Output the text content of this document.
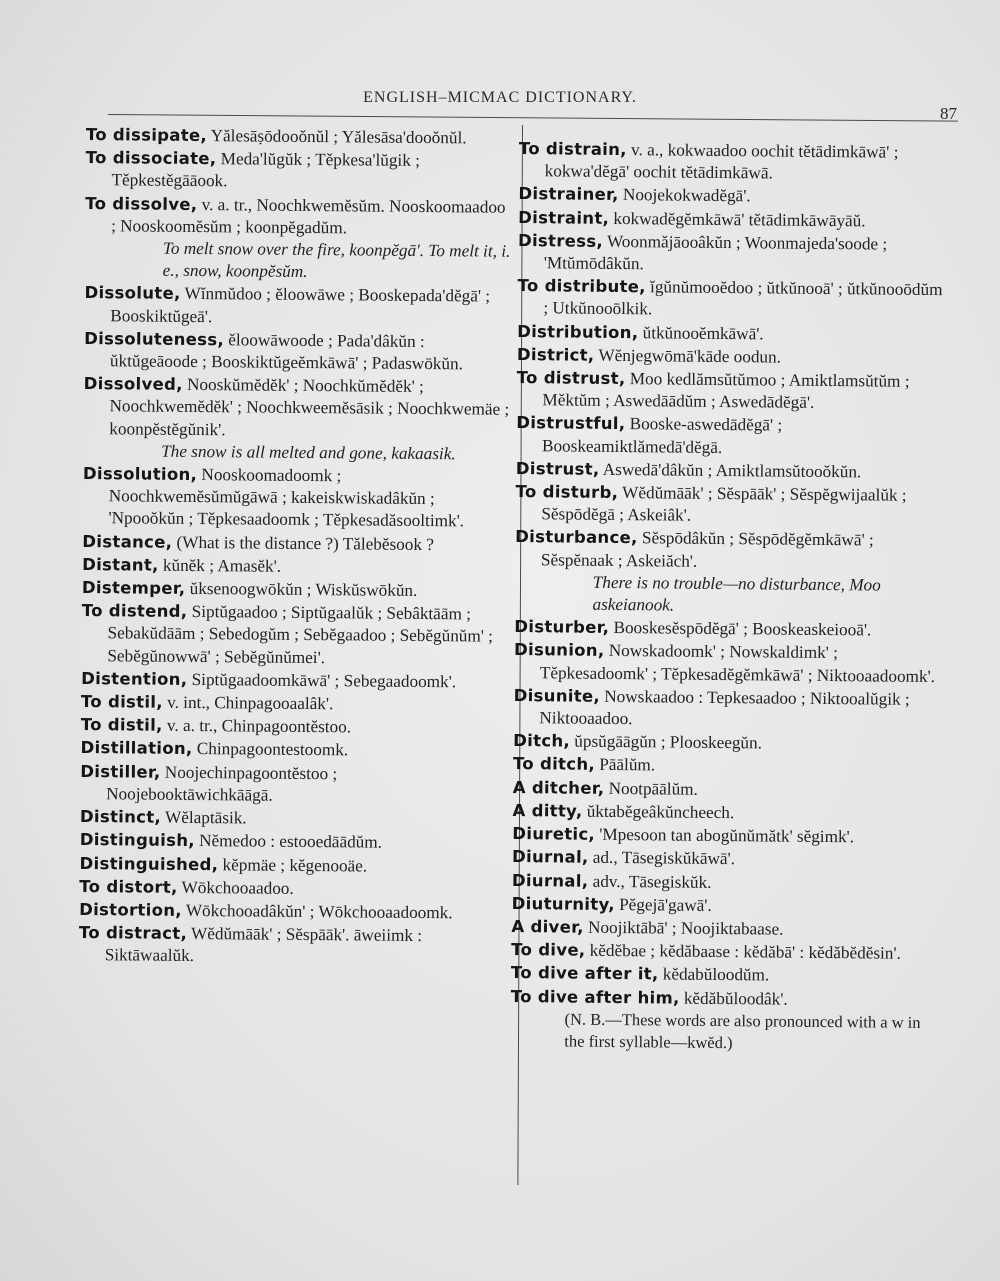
ENGLISH–MICMAC DICTIONARY.
87
To dissipate, Yălesāṣōdooŏnŭl ; Yălesāsa'dooŏnŭl.
To dissociate, Meda'lŭgŭk ; Těpkesa'lŭgik ; Těpkestěgāāook.
To dissolve, v. a. tr., Noochkwemĕsŭm. Nooskoomaadoo ; Nooskoomĕsŭm ; koonpĕgadŭm.
To melt snow over the fire, koonpĕgā'. To melt it, i. e., snow, koonpĕsŭm.
Dissolute, Wĭnmŭdoo ; ĕloowāwe ; Booskepada'dĕgā' ; Booskiktŭgeā'.
Dissoluteness, ĕloowāwoode ; Pada'dâkŭn : ŭktŭgeāoode ; Booskiktŭgeĕmkāwā' ; Padaswōkŭn.
Dissolved, Nooskŭmĕdĕk' ; Noochkŭmĕdĕk' ; Noochkwemĕdĕk' ; Noochkweemĕsāsik ; Noochkwemäe ; koonpĕstĕgŭnik'.
The snow is all melted and gone, kakaasik.
Dissolution, Nooskoomadoomk ; Noochkwemĕsŭmŭgāwā ; kakeiskwiskadâkŭn ; 'Npooŏkŭn ; Těpkesaadoomk ; Těpkesadăsooltimk'.
Distance, (What is the distance ?) Tălebĕsook ?
Distant, kŭnĕk ; Amasĕk'.
Distemper, ŭksenoogwōkŭn ; Wiskŭswōkŭn.
To distend, Siptŭgaadoo ; Siptŭgaalŭk ; Sebâktāām ; Sebakŭdāām ; Sebedogŭm ; Sebĕgaadoo ; Sebĕgŭnŭm' ; Sebĕgŭnowwā' ; Sebĕgŭnŭmei'.
Distention, Siptŭgaadoomkāwā' ; Sebegaadoomk'.
To distil, v. int., Chinpagooaalâk'.
To distil, v. a. tr., Chinpagoontĕstoo.
Distillation, Chinpagoontestoomk.
Distiller, Noojechinpagoontĕstoo ; Noojebooktāwichkāāgā.
Distinct, Wĕlaptāsik.
Distinguish, Nĕmedoo : estooedāādŭm.
Distinguished, kĕpmäe ; kĕgenooäe.
To distort, Wōkchooaadoo.
Distortion, Wōkchooadâkŭn' ; Wōkchooaadoomk.
To distract, Wĕdŭmāāk' ; Sĕspāāk'. āweiimk : Siktāwaalŭk.
To distrain, v. a., kokwaadoo oochit tĕtādimkāwā' ; kokwa'dĕgā' oochit tĕtādimkāwā.
Distrainer, Noojekokwadĕgā'.
Distraint, kokwadĕgĕmkāwā' tĕtādimkāwāyāŭ.
Distress, Woonmăjāooâkŭn ; Woonmajeda'soode ; 'Mtŭmōdâkŭn.
To distribute, ĭgŭnŭmooĕdoo ; ŭtkŭnooā' ; ŭtkŭnooōdŭm ; Utkŭnooōlkik.
Distribution, ŭtkŭnooĕmkāwā'.
District, Wĕnjegwōmā'kāde oodun.
To distrust, Moo kedlămsŭtŭmoo ; Amiktlamsŭtŭm ; Mĕktŭm ; Aswedāādŭm ; Aswedādĕgā'.
Distrustful, Booske-aswedādĕgā' ; Booskeamiktlămedā'dĕgā.
Distrust, Aswedā'dâkŭn ; Amiktlamsŭtooŏkŭn.
To disturb, Wĕdŭmāāk' ; Sĕspāāk' ; Sĕspĕgwijaalŭk ; Sĕspōdĕgā ; Askeiâk'.
Disturbance, Sĕspōdâkŭn ; Sĕspōdĕgĕmkāwā' ; Sĕspĕnaak ; Askeiăch'.
There is no trouble—no disturbance, Moo askeianook.
Disturber, Booskesĕspōdĕgā' ; Booskeaskeiooā'.
Disunion, Nowskadoomk' ; Nowskaldimk' ; Tĕpkesadoomk' ; Tĕpkesadĕgĕmkāwā' ; Niktooaadoomk'.
Disunite, Nowskaadoo : Tepkesaadoo ; Niktooalŭgik ; Niktooaadoo.
Ditch, ŭpsŭgāāgŭn ; Plooskeegŭn.
To ditch, Pāālŭm.
A ditcher, Nootpāālŭm.
A ditty, ŭktabĕgeâkŭncheech.
Diuretic, 'Mpesoon tan abogŭnŭmătk' sĕgimk'.
Diurnal, ad., Tāsegiskŭkāwā'.
Diurnal, adv., Tāsegiskŭk.
Diuturnity, Pĕgejā'gawā'.
A diver, Noojiktābā' ; Noojiktabaase.
To dive, kĕdĕbae ; kĕdăbaase : kĕdăbā' : kĕdăbĕdĕsin'.
To dive after it, kĕdabŭloodŭm.
To dive after him, kĕdăbŭloodâk'.
(N. B.—These words are also pronounced with a w in the first syllable—kwĕd.)
